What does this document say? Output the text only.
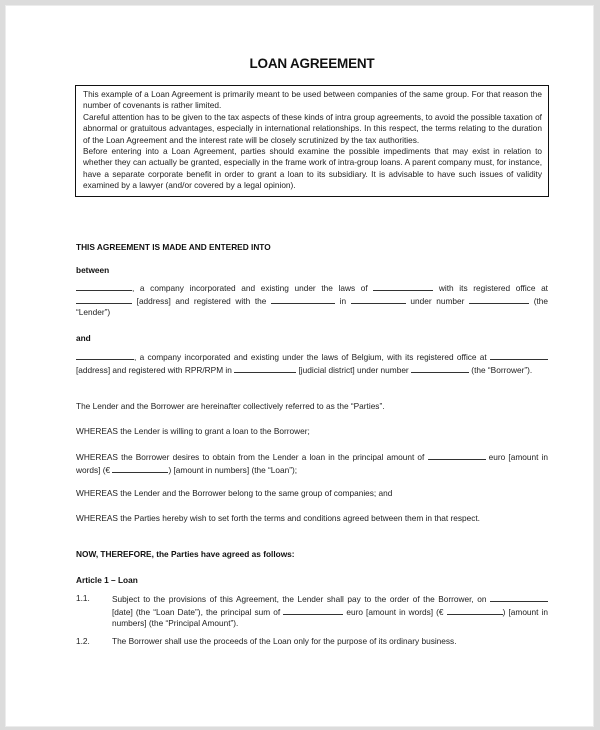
LOAN AGREEMENT

This example of a Loan Agreement is primarily meant to be used between companies of the same group. For that reason the number of covenants is rather limited.

Careful attention has to be given to the tax aspects of these kinds of intra group agreements, to avoid the possible taxation of abnormal or gratuitous advantages, especially in international relationships. In this respect, the terms relating to the duration of the Loan Agreement and the interest rate will be closely scrutinized by the tax authorities.

Before entering into a Loan Agreement, parties should examine the possible impediments that may exist in relation to whether they can actually be granted, especially in the frame work of intra-group loans. A parent company must, for instance, have a separate corporate benefit in order to grant a loan to its subsidiary. It is advisable to have such issues of validity examined by a lawyer (and/or covered by a legal opinion).

THIS AGREEMENT IS MADE AND ENTERED INTO

between

, a company incorporated and existing under the laws of	with its registered office at  [address] and registered with the	in	under number	(the “Lender”)

and

, a company incorporated and existing under the laws of Belgium, with its registered office at  [address] and registered with RPR/RPM in	[judicial district] under number	(the “Borrower”).

The Lender and the Borrower are hereinafter collectively referred to as the “Parties”.

WHEREAS the Lender is willing to grant a loan to the Borrower;

WHEREAS the Borrower desires to obtain from the Lender a loan in the principal amount of	euro [amount in words] (€	) [amount in numbers] (the “Loan”);

WHEREAS the Lender and the Borrower belong to the same group of companies; and

WHEREAS the Parties hereby wish to set forth the terms and conditions agreed between them in that respect.

NOW, THEREFORE, the Parties have agreed as follows:

Article 1 – Loan

1.1.	Subject to the provisions of this Agreement, the Lender shall pay to the order of the Borrower, on  [date] (the “Loan Date”), the principal sum of	euro [amount in words] (€	) [amount in numbers] (the “Principal Amount”).
1.2.	The Borrower shall use the proceeds of the Loan only for the purpose of its ordinary business.
